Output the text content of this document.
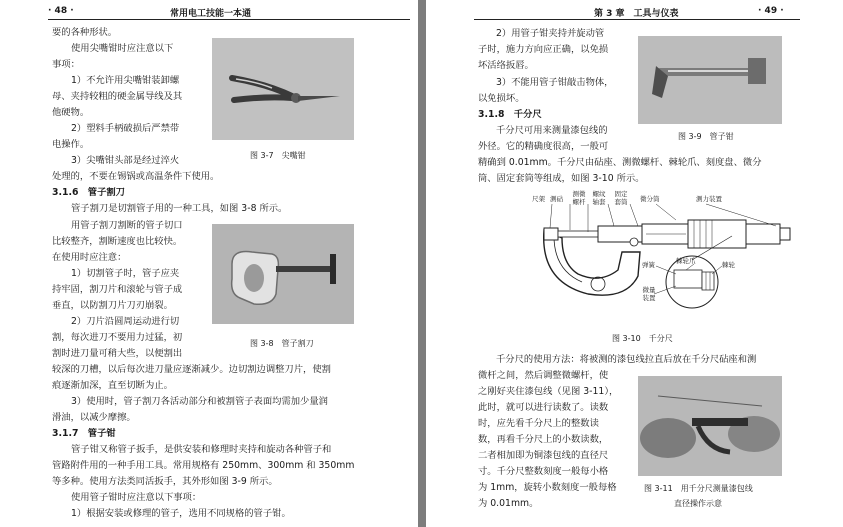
· 48 ·	常用电工技能一本通
要的各种形状。
使用尖嘴钳时应注意以下
事项：
1）不允许用尖嘴钳装卸螺
母、夹持较粗的硬金属导线及其
他硬物。
2）塑料手柄破损后严禁带
电操作。
3）尖嘴钳头部是经过淬火
处理的，不要在锡锅或高温条件下使用。
3.1.6　管子割刀
管子割刀是切割管子用的一种工具，如图 3-8 所示。
用管子割刀割断的管子切口
比较整齐，割断速度也比较快。
在使用时应注意：
1）切割管子时，管子应夹
持牢固，割刀片和滚轮与管子成
垂直，以防割刀片刀刃崩裂。
2）刀片沿圆周运动进行切
割，每次进刀不要用力过猛，初
割时进刀量可稍大些，以便割出
较深的刀槽，以后每次进刀量应逐渐减少。边切割边调整刀片，使割
痕逐渐加深，直至切断为止。
3）使用时，管子割刀各活动部分和被割管子表面均需加少量润
滑油，以减少摩擦。
3.1.7　管子钳
管子钳又称管子扳手，是供安装和修理时夹持和旋动各种管子和
管路附件用的一种手用工具。常用规格有 250mm、300mm 和 350mm
等多种。使用方法类同活扳手，其外形如图 3-9 所示。
使用管子钳时应注意以下事项：
1）根据安装或修理的管子，选用不同规格的管子钳。
图 3-7　尖嘴钳
图 3-8　管子割刀
第 3 章　工具与仪表	· 49 ·
2）用管子钳夹持并旋动管
子时，施力方向应正确，以免损
坏活络扳唇。
3）不能用管子钳敲击物体，
以免损坏。
3.1.8　千分尺
千分尺可用来测量漆包线的
外径。它的精确度很高，一般可
精确到 0.01mm。千分尺由砧座、测微螺杆、棘轮爪、刻度盘、微分
筒、固定套筒等组成，如图 3-10 所示。
图 3-9　管子钳
尺架 测砧
测微螺杆
螺纹轴套
固定套筒 微分筒	测力装置
弹簧	棘轮爪	棘轮
微量装置
图 3-10　千分尺
千分尺的使用方法：将被测的漆包线拉直后放在千分尺砧座和测
微杆之间，然后调整微螺杆，使
之刚好夹住漆包线（见图 3-11），
此时，就可以进行读数了。读数
时，应先看千分尺上的整数读
数，再看千分尺上的小数读数，
二者相加即为铜漆包线的直径尺
寸。千分尺整数刻度一般每小格
为 1mm，旋转小数刻度一般每格
为 0.01mm。
图 3-11　用千分尺测量漆包线
直径操作示意
